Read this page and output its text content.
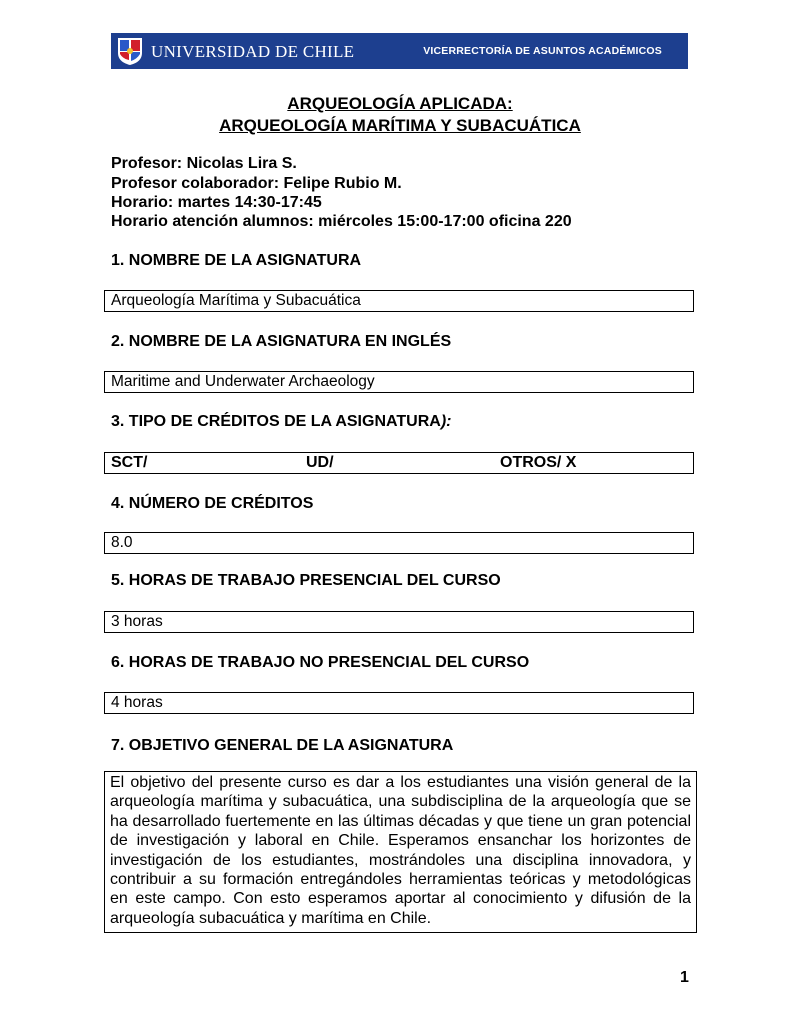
UNIVERSIDAD DE CHILE	VICERRECTORÍA DE ASUNTOS ACADÉMICOS
ARQUEOLOGÍA APLICADA:
ARQUEOLOGÍA MARÍTIMA Y SUBACUÁTICA
Profesor: Nicolas Lira S.
Profesor colaborador: Felipe Rubio M.
Horario: martes 14:30-17:45
Horario atención alumnos: miércoles 15:00-17:00 oficina 220
1. NOMBRE DE LA ASIGNATURA
Arqueología Marítima y Subacuática
2. NOMBRE DE LA ASIGNATURA EN INGLÉS
Maritime and Underwater Archaeology
3. TIPO DE CRÉDITOS DE LA ASIGNATURA):
SCT/	UD/	OTROS/ X
4. NÚMERO DE CRÉDITOS
8.0
5. HORAS DE TRABAJO PRESENCIAL DEL CURSO
3 horas
6. HORAS DE TRABAJO NO PRESENCIAL DEL CURSO
4 horas
7. OBJETIVO GENERAL DE LA ASIGNATURA
El objetivo del presente curso es dar a los estudiantes una visión general de la arqueología marítima y subacuática, una subdisciplina de la arqueología que se ha desarrollado fuertemente en las últimas décadas y que tiene un gran potencial de investigación y laboral en Chile. Esperamos ensanchar los horizontes de investigación de los estudiantes, mostrándoles una disciplina innovadora, y contribuir a su formación entregándoles herramientas teóricas y metodológicas en este campo. Con esto esperamos aportar al conocimiento y difusión de la arqueología subacuática y marítima en Chile.
1
